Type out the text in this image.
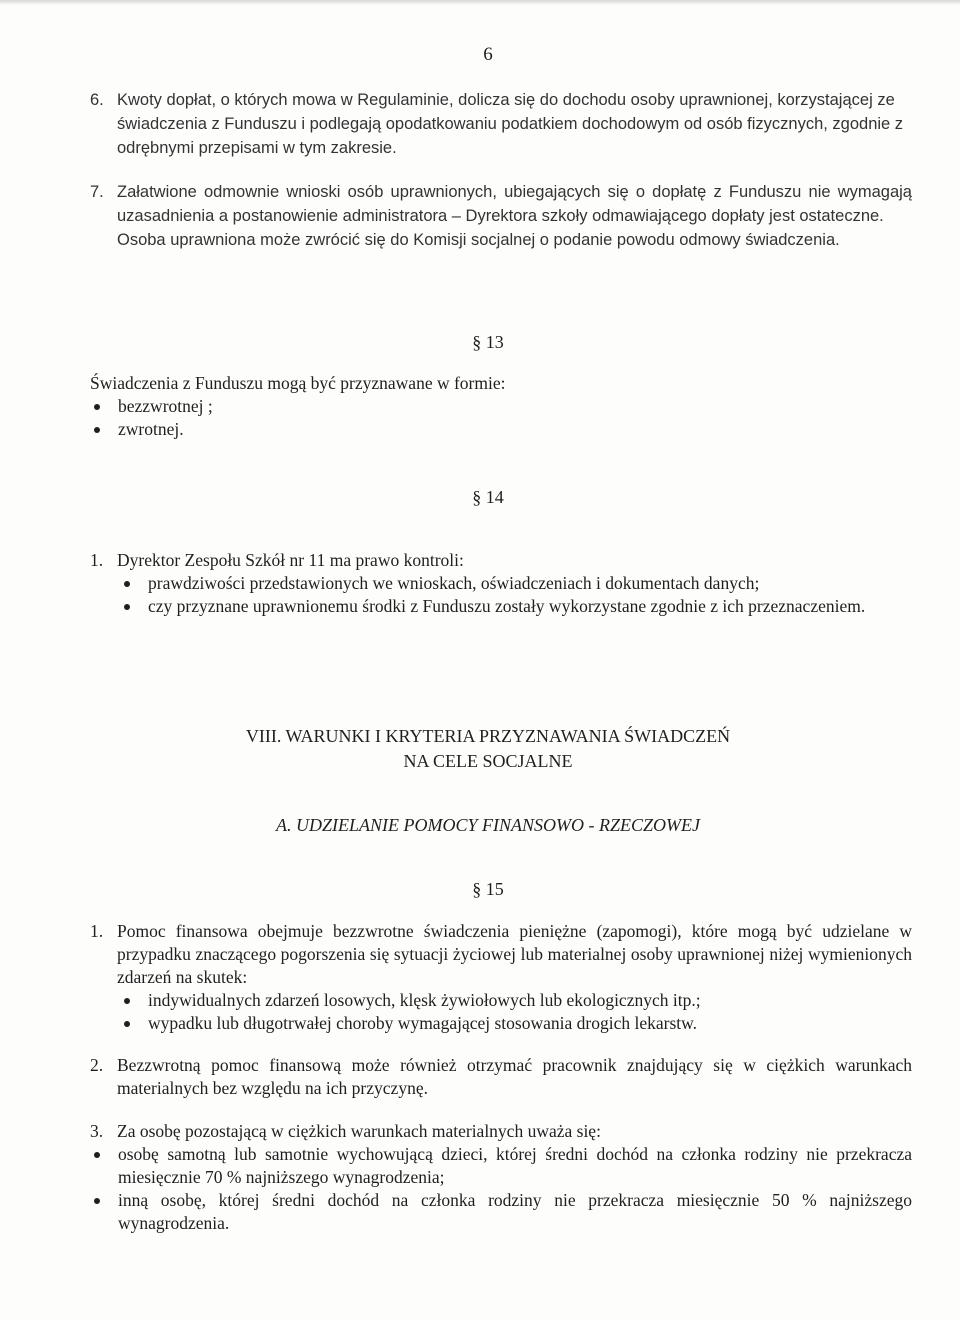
6
6. Kwoty dopłat, o których mowa w Regulaminie, dolicza się do dochodu osoby uprawnionej, korzystającej ze świadczenia z Funduszu i podlegają opodatkowaniu podatkiem dochodowym od osób fizycznych, zgodnie z odrębnymi przepisami w tym zakresie.
7. Załatwione odmownie wnioski osób uprawnionych, ubiegających się o dopłatę z Funduszu nie wymagają uzasadnienia a postanowienie administratora – Dyrektora szkoły odmawiającego dopłaty jest ostateczne.
Osoba uprawniona może zwrócić się do Komisji socjalnej o podanie powodu odmowy świadczenia.
§ 13
Świadczenia z Funduszu mogą być przyznawane w formie:
bezzwrotnej ;
zwrotnej.
§ 14
1. Dyrektor Zespołu Szkół nr 11 ma prawo kontroli:
prawdziwości przedstawionych we wnioskach, oświadczeniach i dokumentach danych;
czy przyznane uprawnionemu środki z Funduszu zostały wykorzystane zgodnie z ich przeznaczeniem.
VIII. WARUNKI I KRYTERIA PRZYZNAWANIA ŚWIADCZEŃ
NA CELE SOCJALNE
A. UDZIELANIE POMOCY FINANSOWO - RZECZOWEJ
§ 15
1. Pomoc finansowa obejmuje bezzwrotne świadczenia pieniężne (zapomogi), które mogą być udzielane w przypadku znaczącego pogorszenia się sytuacji życiowej lub materialnej osoby uprawnionej niżej wymienionych zdarzeń na skutek:
indywidualnych zdarzeń losowych, klęsk żywiołowych lub ekologicznych itp.;
wypadku lub długotrwałej choroby wymagającej stosowania drogich lekarstw.
2. Bezzwrotną pomoc finansową może również otrzymać pracownik znajdujący się w ciężkich warunkach materialnych bez względu na ich przyczynę.
3. Za osobę pozostającą w ciężkich warunkach materialnych uważa się:
osobę samotną lub samotnie wychowującą dzieci, której średni dochód na członka rodziny nie przekracza miesięcznie 70 % najniższego wynagrodzenia;
inną osobę, której średni dochód na członka rodziny nie przekracza miesięcznie 50 % najniższego wynagrodzenia.
